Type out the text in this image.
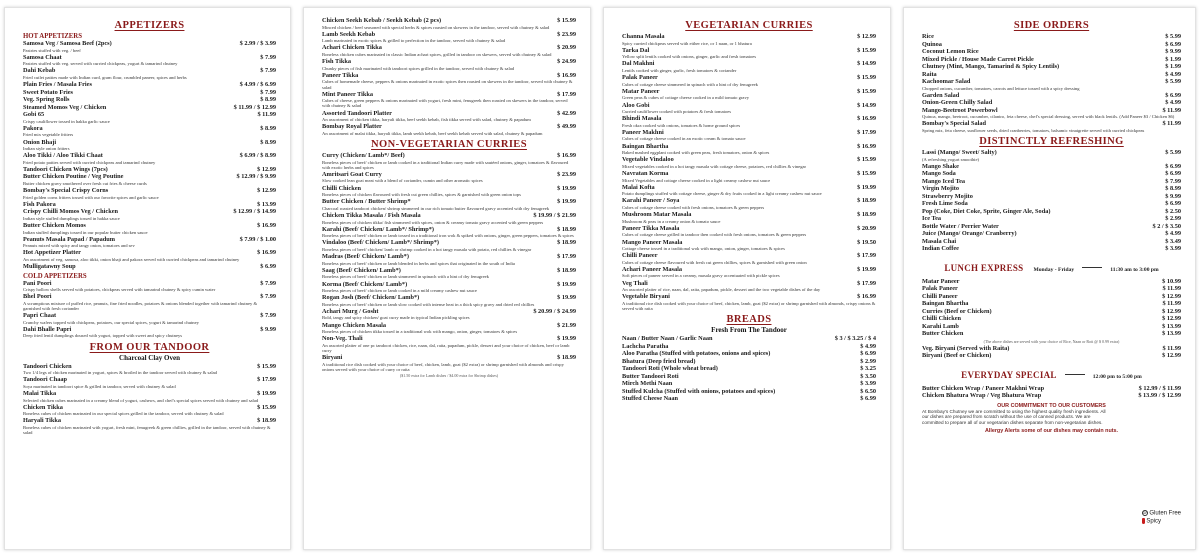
APPETIZERS
HOT APPETIZERS
Samosa Veg / Samosa Beef (2pcs)	$ 2.99 / $ 3.99
Pastries stuffed with veg. / beef
Samosa Chaat	$ 7.99
Pastries stuffed with veg. served with curried chickpeas, yogurt & tamarind chutney
Dahi Kebab	$ 7.99
Fried cutlet patties made with Indian curd, gram flour, crumbled paneer, spices and herbs
Plain Fries / Masala Fries	$ 4.99 / $ 6.99
Sweet Potato Fries	$ 7.99
Veg. Spring Rolls	$ 8.99
Steamed Momos Veg / Chicken	$ 11.99 / $ 12.99
Gobi 65	$ 11.99
Crispy cauliflower tossed in hakka garlic sauce
Pakora	$ 8.99
Fried mix vegetable fritters
Onion Bhaji	$ 8.99
Indian style onion fritters
Aloo Tikki / Aloo Tikki Chaat	$ 6.99 / $ 8.99
Fried potato patties served with curried chickpeas and tamarind chutney
Tandoori Chicken Wings (7pcs)	$ 12.99
Butter Chicken Poutine / Veg Poutine	$ 12.99 / $ 9.99
Butter chicken gravy smothered over fresh cut fries & cheese curds
Bombay's Special Crispy Corns	$ 12.99
Fried golden corns fritters tossed with our favorite spices and garlic sauce
Fish Pakora	$ 13.99
Crispy Chilli Momos Veg / Chicken	$ 12.99 / $ 14.99
Indian style stuffed dumplings tossed in hakka sauce
Butter Chicken Momos	$ 16.99
Indian stuffed dumplings tossed in our popular butter chicken sauce
Peanuts Masala Papad / Papadum	$ 7.99 / $ 1.00
Peanuts mixed with spicy and tangy onion, tomatoes and sev
Hot Appetizer Platter	$ 16.99
An assortment of veg. samosa, aloo tikki, onion bhaji and pakora served with curried chickpeas and tamarind chutney
Mulligatawny Soup	$ 6.99
COLD APPETIZERS
Pani Poori	$ 7.99
Crispy hollow shells served with potatoes, chickpeas served with tamarind chutney & spicy cumin water
Bhel Poori	$ 7.99
A scrumptious mixture of puffed rice, peanuts, fine fried noodles, potatoes & onions blended together with tamarind chutney & garnished with fresh coriander
Papri Chaat	$ 7.99
Crunchy wafers topped with chickpeas, potatoes, our special spices, yogurt & tamarind chutney
Dahi Bhalle Papri	$ 9.99
Deep fried lentil dumplings doused with yogurt, topped with sweet and spicy chutneys
FROM OUR TANDOOR
Charcoal Clay Oven
Tandoori Chicken	$ 15.99
Two 1/4 legs of chicken marinated in yogurt, spices & broiled in the tandoor served with chutney & salad
Tandoori Chaap	$ 17.99
Soya marinated in tandoori spice & grilled in tandoor, served with chutney & salad
Malai Tikka	$ 19.99
Selected chicken cubes marinated in a creamy blend of yogurt, cashews, and chef's special spices served with chutney and salad
Chicken Tikka	$ 15.99
Boneless cubes of chicken marinated in our special spices grilled in the tandoor, served with chutney & salad
Haryali Tikka	$ 18.99
Boneless cubes of chicken marinated with yogurt, fresh mint, fenugreek & green chillies, grilled in the tandoor, served with chutney & salad
Chicken Seekh Kebab / Seekh Kebab (2 pcs)	$ 15.99
Minced chicken / beef seasoned with special herbs & spices roasted on skewers in the tandoor, served with chutney & salad
Lamb Seekh Kebab	$ 23.99
Lamb marinated in exotic spices & grilled to perfection in the tandoor, served with chutney & salad
Achari Chicken Tikka	$ 20.99
Boneless chicken cubes marinated in classic Indian achari spices, grilled in tandoor on skewers, served with chutney & salad
Fish Tikka	$ 24.99
Chunky pieces of fish marinated with tandoori spices grilled in the tandoor, served with chutney & salad
Paneer Tikka	$ 16.99
Cubes of homemade cheese, peppers & onions marinated in exotic spices then roasted on skewers in the tandoor, served with chutney & salad
Mint Paneer Tikka	$ 17.99
Cubes of cheese, green peppers & onions marinated with yogurt, fresh mint, fenugreek then roasted on skewers in the tandoor, served with chutney & salad
Assorted Tandoori Platter	$ 42.99
An assortment of chicken tikka, haryali tikka, beef seekh kebab, fish tikka served with salad, chutney & papadum
Bombay Royal Platter	$ 49.99
An assortment of malai tikka, haryali tikka, lamb seekh kebab, beef seekh kebab served with salad, chutney & papadum
NON-VEGETARIAN CURRIES
Curry (Chicken/ Lamb*/ Beef)	$ 16.99
Boneless pieces of beef/ chicken or lamb cooked in a traditional Indian curry made with sautéed onions, ginger, tomatoes & flavoured with exotic herbs and spices
Amritsari Goat Curry	$ 23.99
Slow cooked lean goat meat with a blend of coriander, cumin and other aromatic spices
Chilli Chicken	$ 19.99
Boneless pieces of chicken flavoured with fresh cut green chillies, spices & garnished with green onion tops
Butter Chicken / Butter Shrimp*	$ 19.99
Charcoal roasted tandoori chicken/ shrimp simmered in our rich tomato butter flavoured gravy accented with dry fenugreek
Chicken Tikka Masala / Fish Masala	$ 19.99 / $ 21.99
Boneless pieces of chicken tikka/ fish simmered with spices, onion & creamy tomato gravy accented with green peppers
Karahi (Beef/ Chicken/ Lamb*/ Shrimp*)	$ 18.99
Boneless pieces of beef/ chicken or lamb tossed in a traditional iron wok & spiked with onions, ginger, green peppers, tomatoes & spices
Vindaloo (Beef/ Chicken/ Lamb*/ Shrimp*)	$ 18.99
Boneless pieces of beef/ chicken/ lamb or shrimp cooked in a hot tangy masala with potato, red chillies & vinegar
Madras (Beef/ Chicken/ Lamb*)	$ 17.99
Boneless pieces of beef/ chicken or lamb blended in herbs and spices that originated in the south of India
Saag (Beef/ Chicken/ Lamb*)	$ 18.99
Boneless pieces of beef/ chicken or lamb simmered in spinach with a hint of dry fenugreek
Korma (Beef/ Chicken/ Lamb*)	$ 19.99
Boneless pieces of beef/ chicken or lamb cooked in a mild creamy cashew nut sauce
Rogan Josh (Beef/ Chicken/ Lamb*)	$ 19.99
Boneless pieces of beef/ chicken or lamb slow cooked with intense heat in a thick spicy gravy and dried red chillies
Achari Murg / Gosht	$ 20.99 / $ 24.99
Bold, tangy and spicy chicken/ goat curry made in typical Indian pickling spices
Mango Chicken Masala	$ 21.99
Boneless pieces of chicken tikka tossed in a traditional wok with mango, onion, ginger, tomatoes & spices
Non-Veg. Thali	$ 19.99
An assorted platter of one pc tandoori chicken, rice, naan, dal, raita, papadum, pickle, dessert and your choice of chicken, beef or lamb curry
Biryani	$ 18.99
A traditional rice dish cooked with your choice of beef, chicken, lamb, goat ($2 extra) or shrimp garnished with almonds and crispy onions served with your choice of curry or raita
($1.50 extra for Lamb dishes / $4.00 extra for Shrimp dishes)
VEGETARIAN CURRIES
Channa Masala	$ 12.99
Spicy curried chickpeas served with either rice, or 1 naan, or 1 bhatura
Tarka Dal	$ 15.99
Yellow split lentils cooked with onions, ginger, garlic and fresh tomatoes
Dal Makhni	$ 14.99
Lentils cooked with ginger, garlic, fresh tomatoes & coriander
Palak Paneer	$ 15.99
Cubes of cottage cheese simmered in spinach with a hint of dry fenugreek
Matar Paneer	$ 15.99
Green peas & cubes of cottage cheese cooked in a mild tomato gravy
Aloo Gobi	$ 14.99
Curried cauliflower cooked with potatoes & fresh tomatoes
Bhindi Masala	$ 16.99
Fresh okra cooked with onions, tomatoes & home ground spices
Paneer Makhni	$ 17.99
Cubes of cottage cheese cooked in an exotic cream & tomato sauce
Baingan Bhartha	$ 16.99
Baked mashed eggplant cooked with green peas, fresh tomatoes, onion & spices
Vegetable Vindaloo	$ 15.99
Mixed vegetables cooked in a hot tangy masala with cottage cheese, potatoes, red chillies & vinegar
Navratan Korma	$ 15.99
Mixed Vegetables and cottage cheese cooked in a light creamy cashew nut sauce
Malai Kofta	$ 19.99
Potato dumplings stuffed with cottage cheese, ginger & dry fruits cooked in a light creamy cashew nut sauce
Karahi Paneer / Soya	$ 18.99
Cubes of cottage cheese cooked with fresh onions, tomatoes & green peppers
Mushroom Matar Masala	$ 18.99
Mushroom & peas in a creamy onion & tomato sauce
Paneer Tikka Masala	$ 20.99
Cubes of cottage cheese grilled in tandoor then cooked with fresh onions, tomatoes & green peppers
Mango Paneer Masala	$ 19.50
Cottage cheese tossed in a traditional wok with mango, onion, ginger, tomatoes & spices
Chilli Paneer	$ 17.99
Cubes of cottage cheese flavoured with fresh cut green chillies, spices & garnished with green onion
Achari Paneer Masala	$ 19.99
Soft pieces of paneer served in a creamy, masala gravy accentuated with pickle spices
Veg Thali	$ 17.99
An assorted platter of rice, naan, dal, raita, papadum, pickle, dessert and the two vegetable dishes of the day
Vegetable Biryani	$ 16.99
A traditional rice dish cooked with your choice of beef, chicken, lamb, goat ($2 extra) or shrimp garnished with almonds, crispy onions & served with raita
BREADS
Fresh From The Tandoor
Naan / Butter Naan / Garlic Naan	$ 3 / $ 3.25 / $ 4
Lachcha Paratha	$ 4.99
Aloo Paratha (Stuffed with potatoes, onions and spices)	$ 6.99
Bhatura (Deep fried bread)	$ 2.99
Tandoori Roti (Whole wheat bread)	$ 3.25
Butter Tandoori Roti	$ 3.50
Mirch Methi Naan	$ 3.99
Stuffed Kulcha (Stuffed with onions, potatoes and spices)	$ 6.50
Stuffed Cheese Naan	$ 6.99
SIDE ORDERS
Rice	$ 5.99
Quinoa	$ 6.99
Coconut Lemon Rice	$ 9.99
Mixed Pickle / House Made Carrot Pickle	$ 1.99
Chutney (Mint, Mango, Tamarind & Spicy Lentils)	$ 1.99
Raita	$ 4.99
Kachoomar Salad	$ 5.99
Chopped onions, cucumber, tomatoes, carrots and lettuce tossed with a spicy dressing
Garden Salad	$ 6.99
Onion-Green Chilly Salad	$ 4.99
Mango-Beetroot Powerbowl	$ 11.99
Quinoa, mango, beetroot, cucumber, cilantro, feta cheese, chef's special dressing, served with black lentils. (Add Paneer $3 / Chicken $6)
Bombay's Special Salad	$ 11.99
Spring mix, feta cheese, sunflower seeds, dried cranberries, tomatoes, balsamic vinaigrette served with curried chickpeas
DISTINCTLY REFRESHING
Lassi (Mango/ Sweet/ Salty)	$ 5.99
(A refreshing yogurt smoothie)
Mango Shake	$ 6.99
Mango Soda	$ 6.99
Mango Iced Tea	$ 7.99
Virgin Mojito	$ 8.99
Strawberry Mojito	$ 9.99
Fresh Lime Soda	$ 6.99
Pop (Coke, Diet Coke, Sprite, Ginger Ale, Soda)	$ 2.50
Ice Tea	$ 2.99
Bottle Water / Perrier Water	$ 2 / $ 3.50
Juice (Mango/ Orange/ Cranberry)	$ 4.99
Masala Chai	$ 3.49
Indian Coffee	$ 3.99
LUNCH EXPRESS Monday - Friday	11:30 am to 3:00 pm
Matar Paneer	$ 10.99
Palak Paneer	$ 11.99
Chilli Paneer	$ 12.99
Baingan Bhartha	$ 11.99
Curries (Beef or Chicken)	$ 12.99
Chilli Chicken	$ 12.99
Karahi Lamb	$ 13.99
Butter Chicken	$ 13.99
(The above dishes are served with your choice of Rice, Naan or Roti @ $ 0.99 extra)
Veg. Biryani (Served with Raita)	$ 11.99
Biryani (Beef or Chicken)	$ 12.99
EVERYDAY SPECIAL	12:00 pm to 5:00 pm
Butter Chicken Wrap / Paneer Makhni Wrap	$ 12.99 / $ 11.99
Chicken Bhatura Wrap / Veg Bhatura Wrap	$ 13.99 / $ 12.99
OUR COMMITMENT TO OUR CUSTOMERS
At Bombay's Chutney we are committed to using the highest quality fresh ingredients. All our dishes are prepared from scratch without the use of canned products. We are committed to prepare all of our vegetarian dishes separate from non-vegetarian dishes.
Allergy Alerts some of our dishes may contain nuts.
GF Gluten Free
Spicy
